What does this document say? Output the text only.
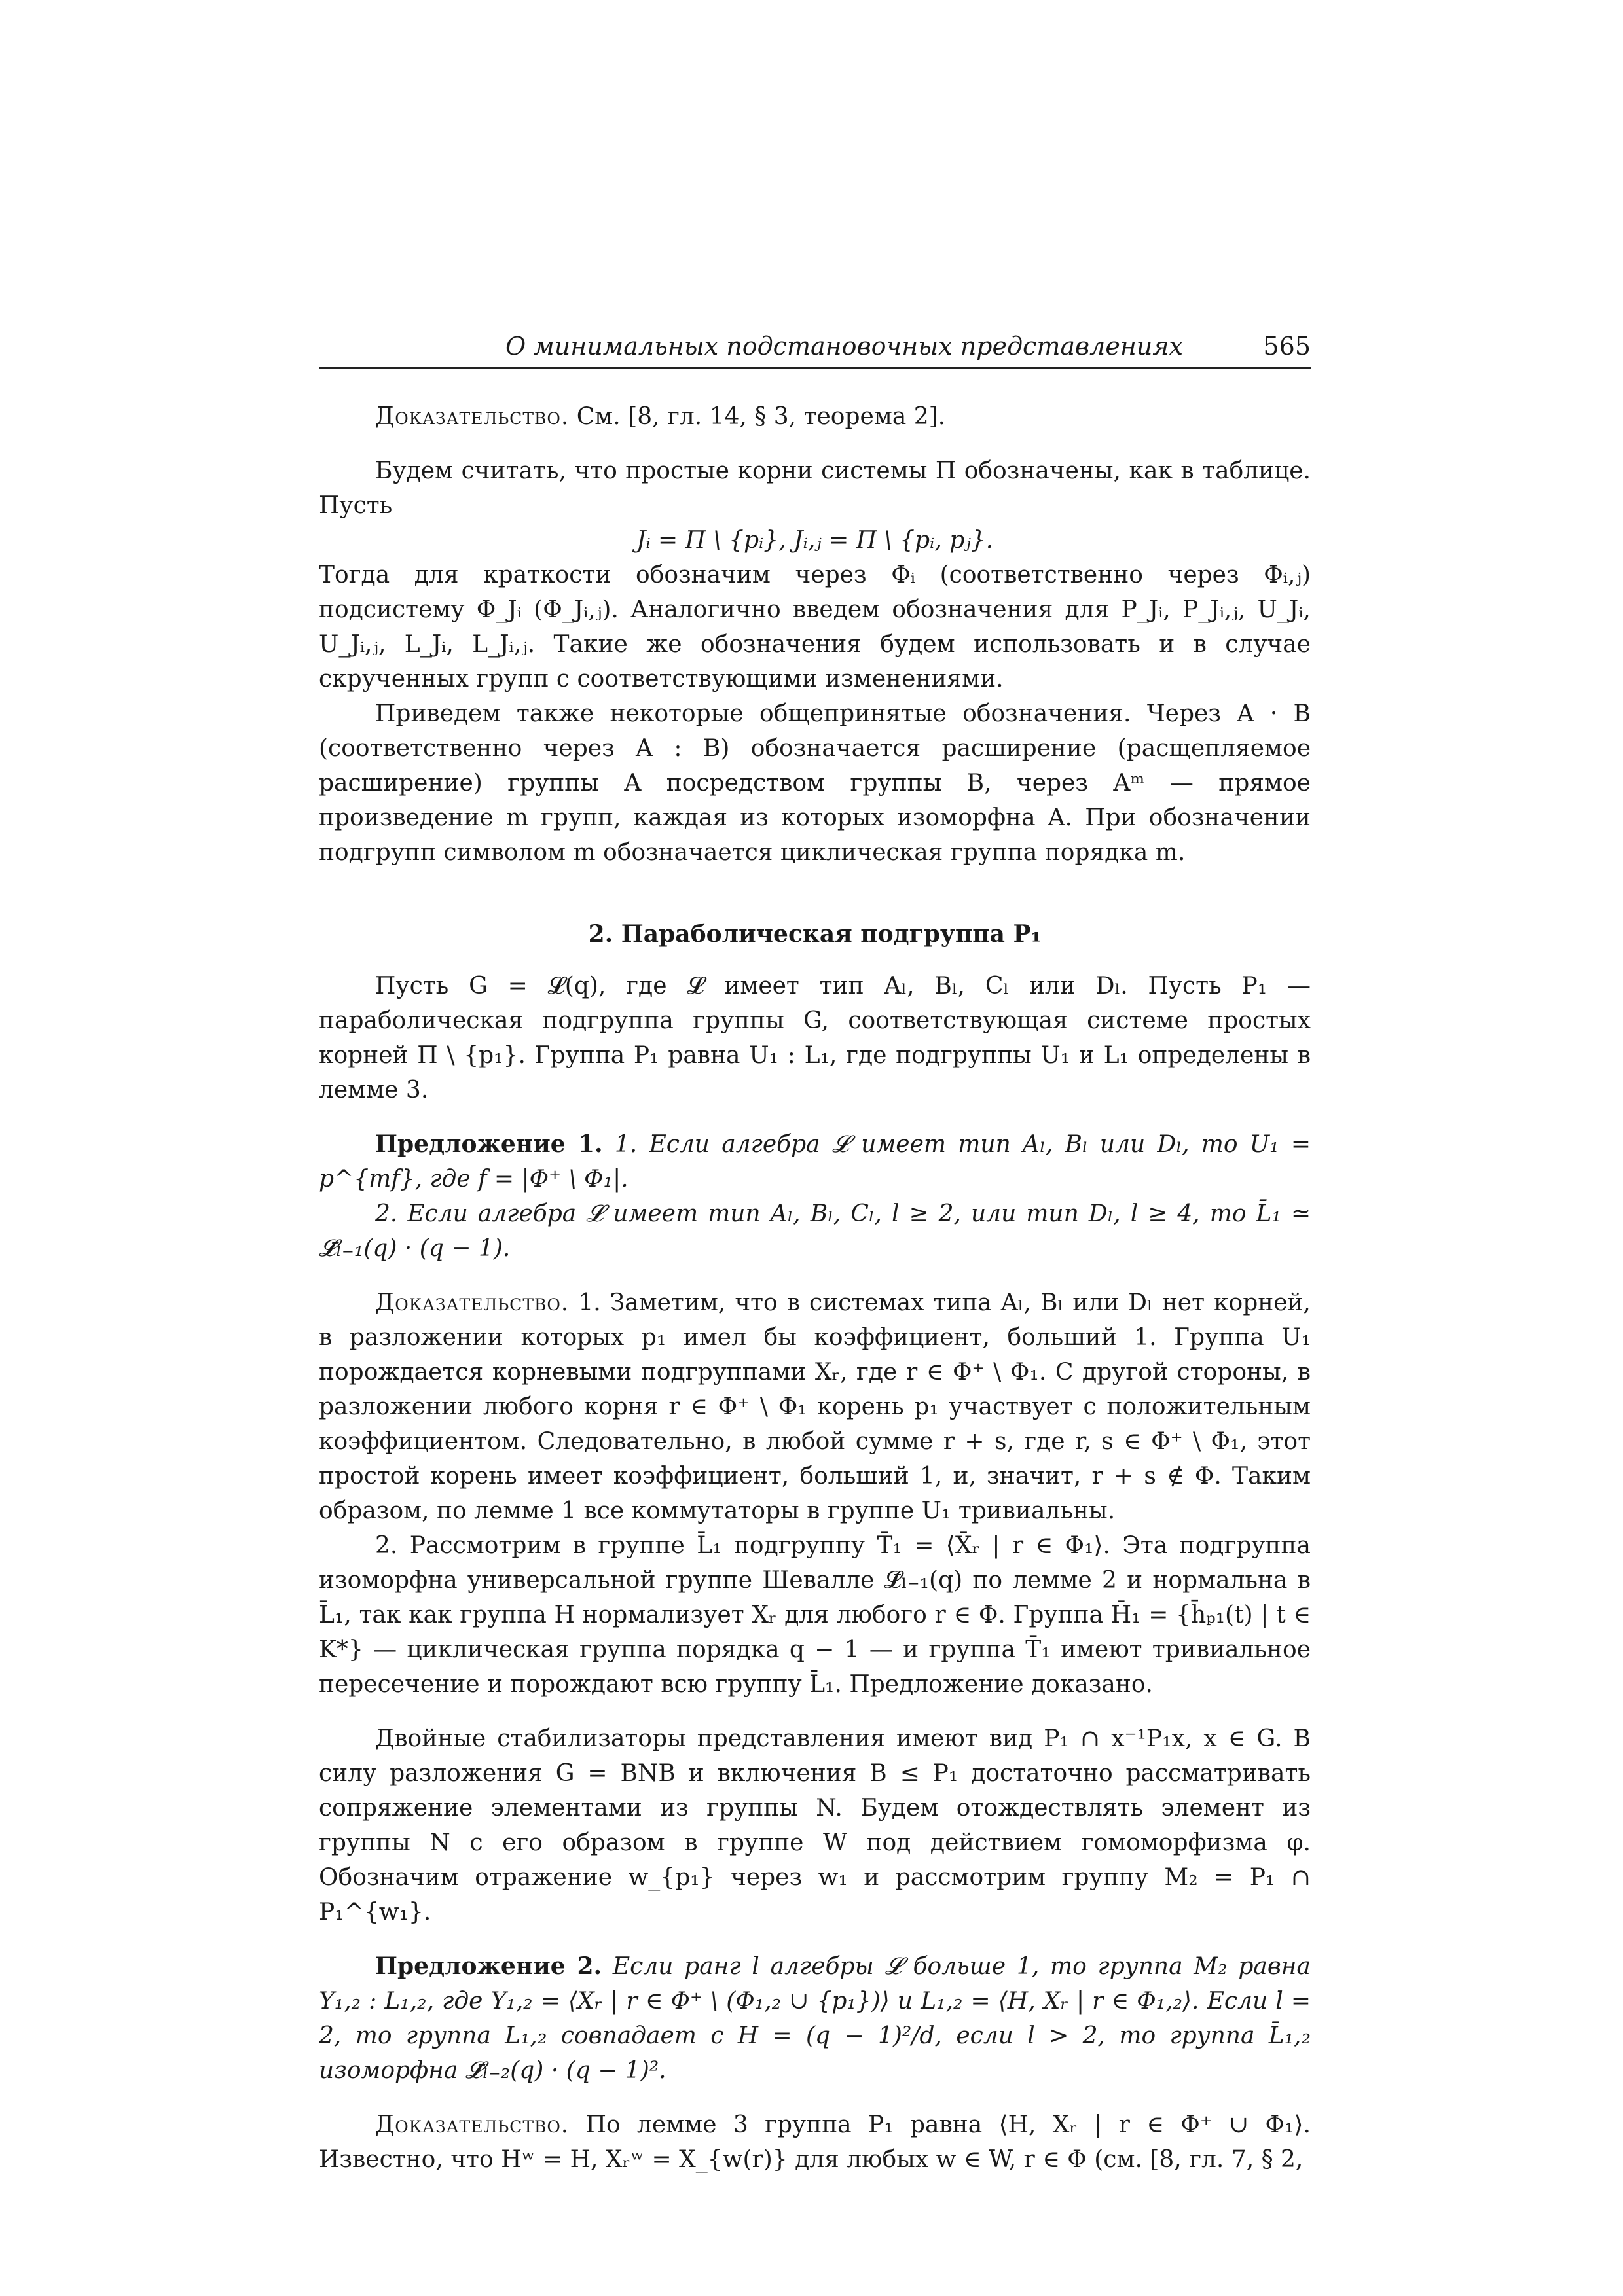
О минимальных подстановочных представлениях	565

Доказательство. См. [8, гл. 14, § 3, теорема 2].

Будем считать, что простые корни системы Π обозначены, как в таблице. Пусть

Jᵢ = Π \ {pᵢ}, Jᵢ,ⱼ = Π \ {pᵢ, pⱼ}.

Тогда для краткости обозначим через Φᵢ (соответственно через Φᵢ,ⱼ) подсистему Φ_Jᵢ (Φ_Jᵢ,ⱼ). Аналогично введем обозначения для P_Jᵢ, P_Jᵢ,ⱼ, U_Jᵢ, U_Jᵢ,ⱼ, L_Jᵢ, L_Jᵢ,ⱼ. Такие же обозначения будем использовать и в случае скрученных групп с соответствующими изменениями.

Приведем также некоторые общепринятые обозначения. Через A · B (соответственно через A : B) обозначается расширение (расщепляемое расширение) группы A посредством группы B, через Aᵐ — прямое произведение m групп, каждая из которых изоморфна A. При обозначении подгрупп символом m обозначается циклическая группа порядка m.

2. Параболическая подгруппа P₁

Пусть G = 𝓛(q), где 𝓛 имеет тип Aₗ, Bₗ, Cₗ или Dₗ. Пусть P₁ — параболическая подгруппа группы G, соответствующая системе простых корней Π \ {p₁}. Группа P₁ равна U₁ : L₁, где подгруппы U₁ и L₁ определены в лемме 3.

Предложение 1. 1. Если алгебра 𝓛 имеет тип Aₗ, Bₗ или Dₗ, то U₁ = p^{mf}, где f = |Φ⁺ \ Φ₁|.

2. Если алгебра 𝓛 имеет тип Aₗ, Bₗ, Cₗ, l ≥ 2, или тип Dₗ, l ≥ 4, то L̄₁ ≃ 𝓛̄ₗ₋₁(q) · (q − 1).

Доказательство. 1. Заметим, что в системах типа Aₗ, Bₗ или Dₗ нет корней, в разложении которых p₁ имел бы коэффициент, больший 1. Группа U₁ порождается корневыми подгруппами Xᵣ, где r ∈ Φ⁺ \ Φ₁. С другой стороны, в разложении любого корня r ∈ Φ⁺ \ Φ₁ корень p₁ участвует с положительным коэффициентом. Следовательно, в любой сумме r + s, где r, s ∈ Φ⁺ \ Φ₁, этот простой корень имеет коэффициент, больший 1, и, значит, r + s ∉ Φ. Таким образом, по лемме 1 все коммутаторы в группе U₁ тривиальны.

2. Рассмотрим в группе L̄₁ подгруппу T̄₁ = ⟨X̄ᵣ | r ∈ Φ₁⟩. Эта подгруппа изоморфна универсальной группе Шевалле 𝓛̄ₗ₋₁(q) по лемме 2 и нормальна в L̄₁, так как группа H нормализует Xᵣ для любого r ∈ Φ. Группа H̄₁ = {h̄ₚ₁(t) | t ∈ K*} — циклическая группа порядка q − 1 — и группа T̄₁ имеют тривиальное пересечение и порождают всю группу L̄₁. Предложение доказано.

Двойные стабилизаторы представления имеют вид P₁ ∩ x⁻¹P₁x, x ∈ G. В силу разложения G = BNB и включения B ≤ P₁ достаточно рассматривать сопряжение элементами из группы N. Будем отождествлять элемент из группы N с его образом в группе W под действием гомоморфизма φ. Обозначим отражение w_{p₁} через w₁ и рассмотрим группу M₂ = P₁ ∩ P₁^{w₁}.

Предложение 2. Если ранг l алгебры 𝓛 больше 1, то группа M₂ равна Y₁,₂ : L₁,₂, где Y₁,₂ = ⟨Xᵣ | r ∈ Φ⁺ \ (Φ₁,₂ ∪ {p₁})⟩ и L₁,₂ = ⟨H, Xᵣ | r ∈ Φ₁,₂⟩. Если l = 2, то группа L₁,₂ совпадает с H = (q − 1)²/d, если l > 2, то группа L̄₁,₂ изоморфна 𝓛̄ₗ₋₂(q) · (q − 1)².

Доказательство. По лемме 3 группа P₁ равна ⟨H, Xᵣ | r ∈ Φ⁺ ∪ Φ₁⟩. Известно, что Hʷ = H, Xᵣʷ = X_{w(r)} для любых w ∈ W, r ∈ Φ (см. [8, гл. 7, § 2,
